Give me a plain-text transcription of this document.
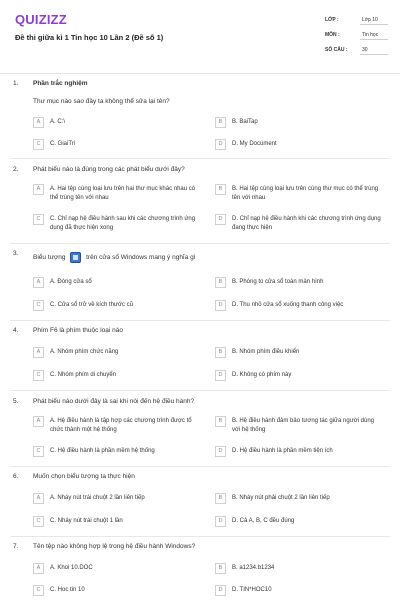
QUIZIZZ
Đề thi giữa kì 1 Tin học 10 Lần 2 (Đề số 1)
LỚP :	Lớp 10
MÔN :	Tin học
SỐ CÂU :	30
1. Phần trắc nghiệm
Thư mục nào sao đây ta không thể sửa lại tên?
A	A. C:\	B	B. BaiTap
C	C. GiaiTri	D	D. My Document
2. Phát biểu nào là đúng trong các phát biểu dưới đây?
A	A. Hai tệp cùng loại lưu trên hai thư mục khác nhau có thể trùng tên với nhau
B	B. Hai tệp cùng loại lưu trên cùng thư mục có thể trùng tên với nhau
C	C. Chỉ nạp hệ điều hành sau khi các chương trình ứng dụng đã thực hiện xong
D	D. Chỉ nạp hệ điều hành khi các chương trình ứng dụng đang thực hiện
3.
Biểu tượng	trên cửa sổ Windows mang ý nghĩa gì
A	A. Đóng cửa sổ	B	B. Phóng to cửa sổ toàn màn hình
C	C. Cửa sổ trở về kích thước cũ	D	D. Thu nhỏ cửa sổ xuống thanh công việc
4. Phím F6 là phím thuộc loại nào
A	A. Nhóm phím chức năng	B	B. Nhóm phím điều khiển
C	C. Nhóm phím di chuyển	D	D. Không có phím này
5. Phát biểu nào dưới đây là sai khi nói đến hệ điều hành?
A	A. Hệ điều hành là tập hợp các chương trình được tổ chức thành một hệ thống
B	B. Hệ điều hành đảm bảo tương tác giữa người dùng với hệ thống
C	C. Hệ điều hành là phần mềm hệ thống	D	D. Hệ điều hành là phần mềm tiện ích
6. Muốn chọn biểu tượng ta thực hiện
A	A. Nháy nút trái chuột 2 lần liên tiếp	B	B. Nháy nút phải chuột 2 lần liên tiếp
C	C. Nháy nút trái chuột 1 lần	D	D. Cả A, B, C đều đúng
7. Tên tệp nào không hợp lệ trong hệ điều hành Windows?
A	A. Khoi 10.DOC	B	B. a1234.b1234
C	C. Hoc tin 10	D	D. TIN*HOC10
